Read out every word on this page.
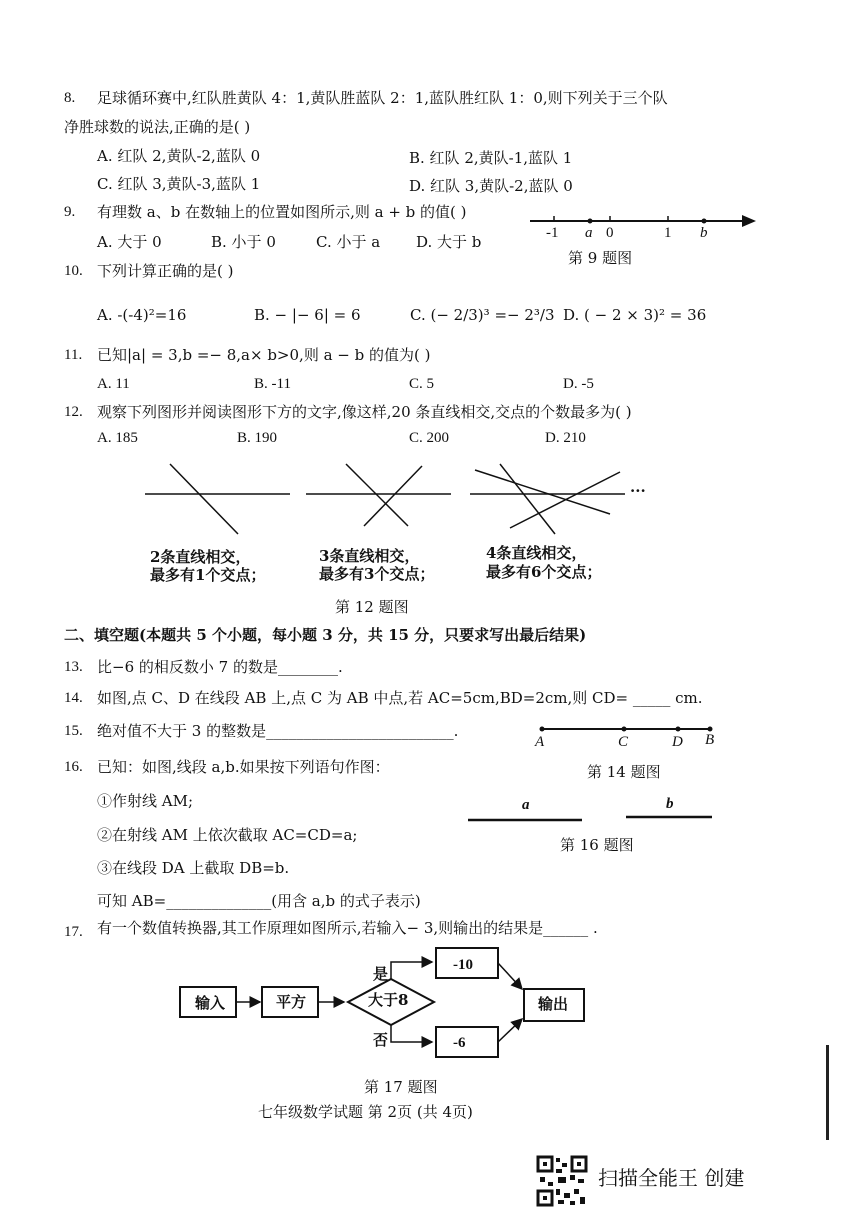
8. 足球循环赛中,红队胜黄队 4：1,黄队胜蓝队 2：1,蓝队胜红队 1：0,则下列关于三个队
净胜球数的说法,正确的是( )
A. 红队 2,黄队-2,蓝队 0	B. 红队 2,黄队-1,蓝队 1
C. 红队 3,黄队-3,蓝队 1	D. 红队 3,黄队-2,蓝队 0
9. 有理数 a、b 在数轴上的位置如图所示,则 a + b 的值( )
A. 大于 0	B. 小于 0	C. 小于 a D. 大于 b	-1 a 0	1 b
第 9 题图
10. 下列计算正确的是( )
A. -(-4)²=16	B. − |− 6| = 6	C. (− 2/3)³ =− 2³/3 D. ( − 2 × 3)² = 36
11. 已知|a| = 3,b =− 8,a× b>0,则 a − b 的值为( )
A. 11	B. -11	C. 5	D. -5
12. 观察下列图形并阅读图形下方的文字,像这样,20 条直线相交,交点的个数最多为( )
A. 185	B. 190	C. 200	D. 210
···
2条直线相交，
最多有1个交点；
3条直线相交，
最多有3个交点；
4条直线相交，
最多有6个交点；
第 12 题图
二、填空题(本题共 5 个小题，每小题 3 分，共 15 分，只要求写出最后结果)
13. 比−6 的相反数小 7 的数是________.
14. 如图,点 C、D 在线段 AB 上,点 C 为 AB 中点,若 AC=5cm,BD=2cm,则 CD= _____ cm.
15. 绝对值不大于 3 的整数是_________________________.
A	C	D B
第 14 题图
16. 已知：如图,线段 a,b.如果按下列语句作图：
①作射线 AM;
②在射线 AM 上依次截取 AC=CD=a;
③在线段 DA 上截取 DB=b.
可知 AB=______________(用含 a,b 的式子表示)
a	b
第 16 题图
17. 有一个数值转换器,其工作原理如图所示,若输入− 3,则输出的结果是______ .
输入	平方	大于8
是
否
-10
-6
输出
第 17 题图
七年级数学试题 第 2页 (共 4页)
扫描全能王 创建
